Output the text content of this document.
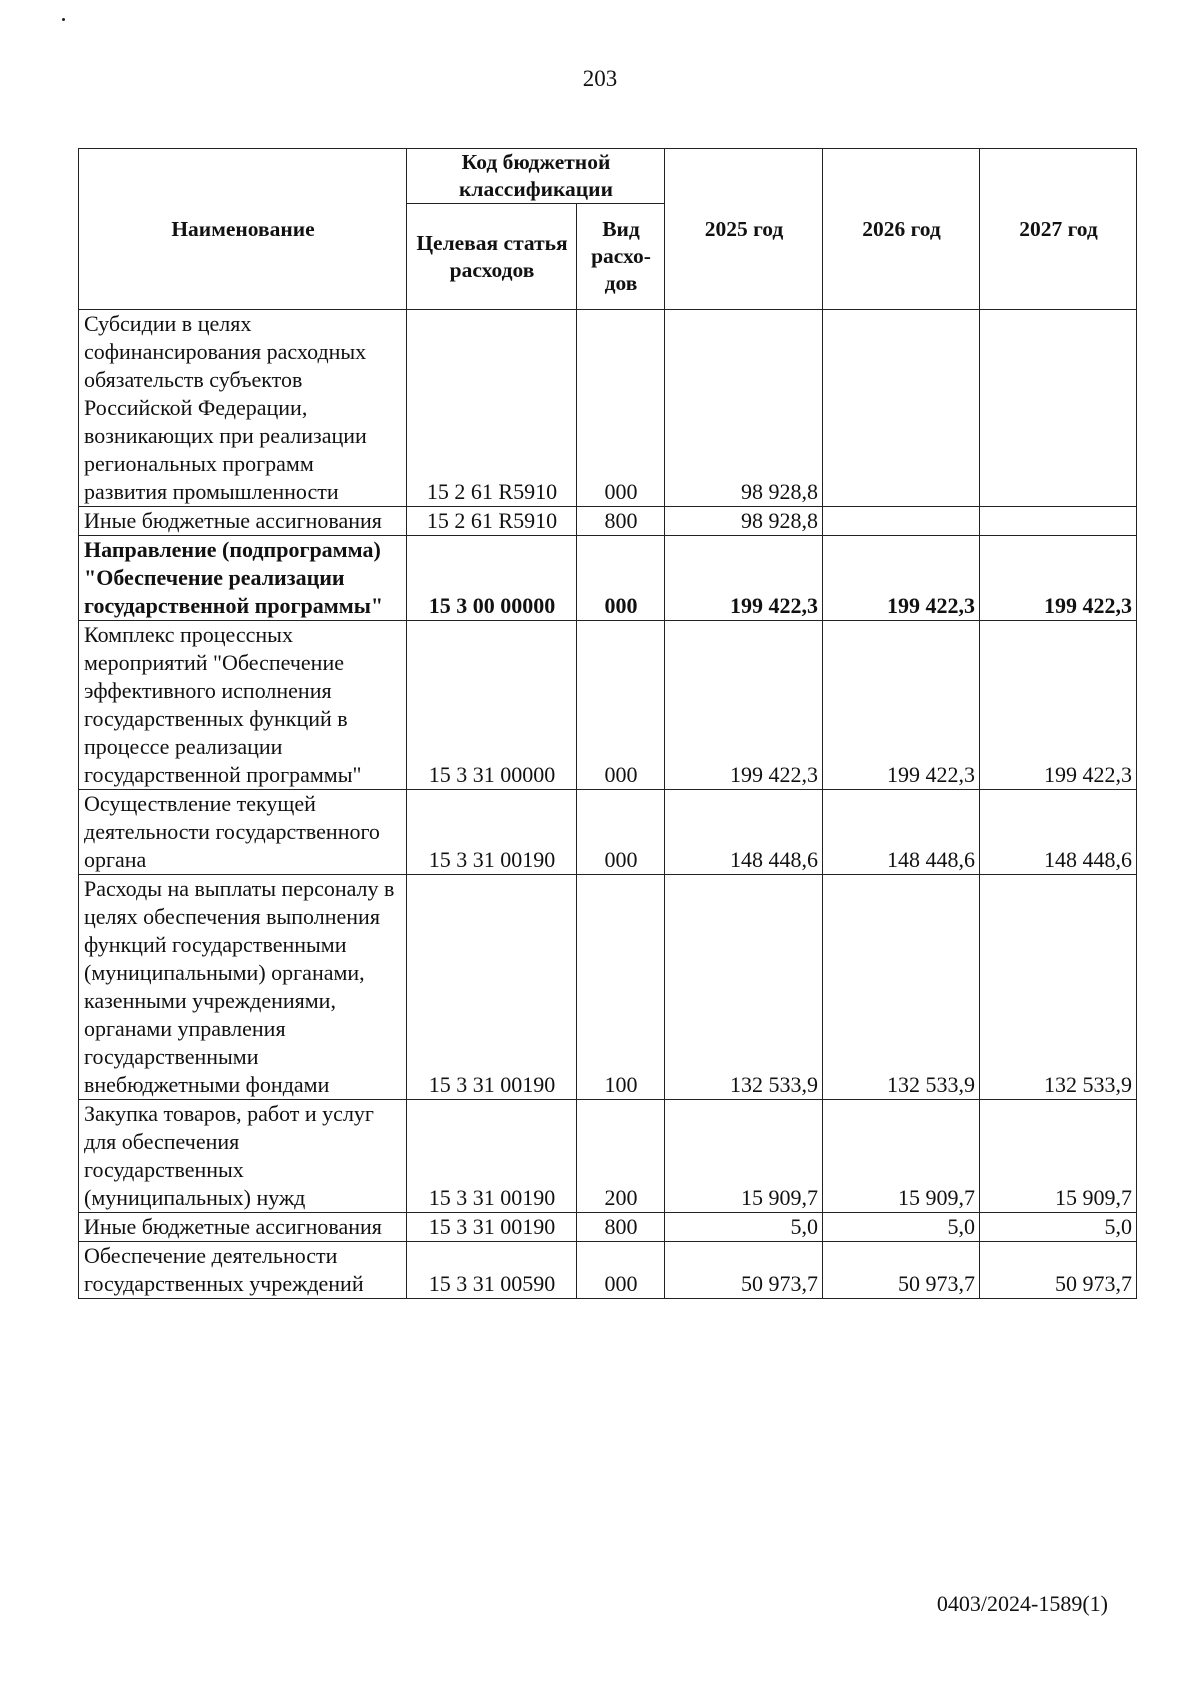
203
Наименование	Код бюджетной классификации		2025 год	2026 год	2027 год
	Целевая статья расходов	Вид расхо-дов			
Субсидии в целях софинансирования расходных обязательств субъектов Российской Федерации, возникающих при реализации региональных программ развития промышленности	15 2 61 R5910	000	98 928,8		
Иные бюджетные ассигнования	15 2 61 R5910	800	98 928,8		
Направление (подпрограмма) "Обеспечение реализации государственной программы"	15 3 00 00000	000	199 422,3	199 422,3	199 422,3
Комплекс процессных мероприятий "Обеспечение эффективного исполнения государственных функций в процессе реализации государственной программы"	15 3 31 00000	000	199 422,3	199 422,3	199 422,3
Осуществление текущей деятельности государственного органа	15 3 31 00190	000	148 448,6	148 448,6	148 448,6
Расходы на выплаты персоналу в целях обеспечения выполнения функций государственными (муниципальными) органами, казенными учреждениями, органами управления государственными внебюджетными фондами	15 3 31 00190	100	132 533,9	132 533,9	132 533,9
Закупка товаров, работ и услуг для обеспечения государственных (муниципальных) нужд	15 3 31 00190	200	15 909,7	15 909,7	15 909,7
Иные бюджетные ассигнования	15 3 31 00190	800	5,0	5,0	5,0
Обеспечение деятельности государственных учреждений	15 3 31 00590	000	50 973,7	50 973,7	50 973,7
0403/2024-1589(1)
